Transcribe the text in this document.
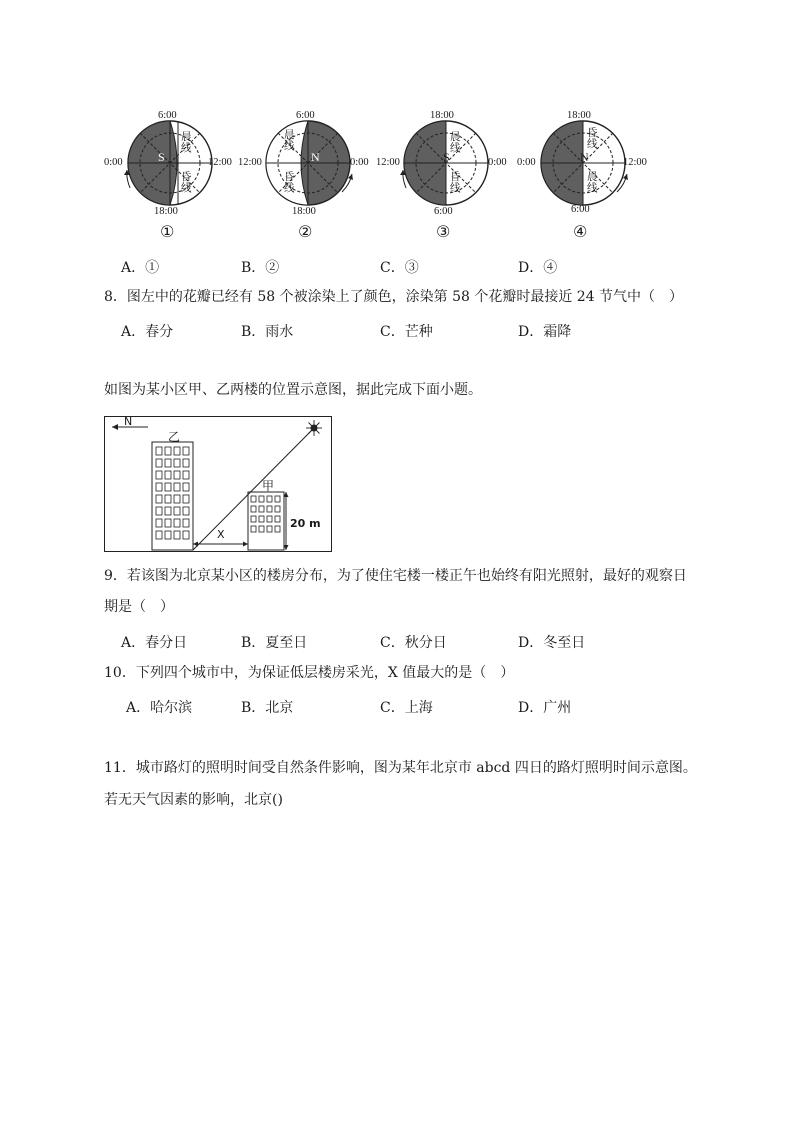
6:00
18:00
0:00	12:00
S
晨线
昏线
①
6:00
18:00
12:00	0:00
N
晨线
昏线
②
18:00
6:00
12:00	0:00
S
晨线
昏线
③
18:00
6:00
0:00	12:00
N
昏线
晨线
④
A．①	B．②	C．③	D．④
8．图左中的花瓣已经有 58 个被涂染上了颜色，涂染第 58 个花瓣时最接近 24 节气中（　）
A．春分	B．雨水	C．芒种	D．霜降
如图为某小区甲、乙两楼的位置示意图，据此完成下面小题。
N
乙
甲
20 m
X
9．若该图为北京某小区的楼房分布，为了使住宅楼一楼正午也始终有阳光照射，最好的观察日
期是（　）
A．春分日	B．夏至日	C．秋分日	D．冬至日
10．下列四个城市中，为保证低层楼房采光，X 值最大的是（　）
A．哈尔滨	B．北京	C．上海	D．广州
11．城市路灯的照明时间受自然条件影响，图为某年北京市 abcd 四日的路灯照明时间示意图。
若无天气因素的影响，北京()
